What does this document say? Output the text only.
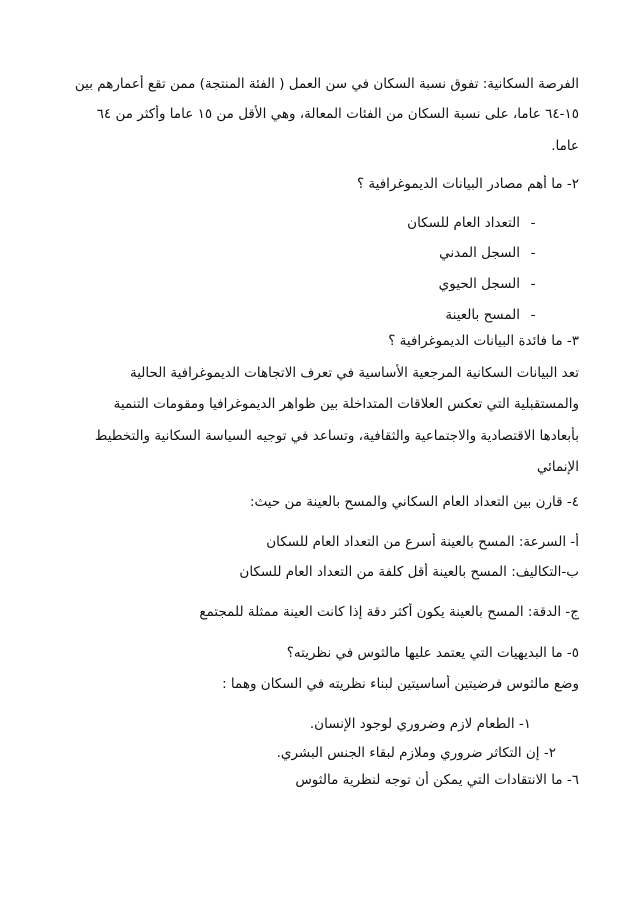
الفرصة السكانية: تفوق نسبة السكان في سن العمل ( الفئة المنتجة) ممن تقع أعمارهم بين
١٥-٦٤ عاما، على نسبة السكان من الفئات المعالة، وهي الأقل من ١٥ عاما وأكثر من ٦٤
عاما.
٢- ما أهم مصادر البيانات الديموغرافية ؟
-التعداد العام للسكان
-السجل المدني
-السجل الحيوي
-المسح بالعينة
٣- ما فائدة البيانات الديموغرافية ؟
تعد البيانات السكانية المرجعية الأساسية في تعرف الاتجاهات الديموغرافية الحالية
والمستقبلية التي تعكس العلاقات المتداخلة بين ظواهر الديموغرافيا ومقومات التنمية
بأبعادها الاقتصادية والاجتماعية والثقافية، وتساعد في توجيه السياسة السكانية والتخطيط
الإنمائي
٤- قارن بين التعداد العام السكاني والمسح بالعينة من حيث:
أ- السرعة: المسح بالعينة أسرع من التعداد العام للسكان
ب-التكاليف: المسح بالعينة أقل كلفة من التعداد العام للسكان
ج- الدقة: المسح بالعينة يكون أكثر دقة إذا كانت العينة ممثلة للمجتمع
٥- ما البديهيات التي يعتمد عليها مالثوس في نظريته؟
وضع مالثوس فرضيتين أساسيتين لبناء نظريته في السكان وهما :
١- الطعام لازم وضروري لوجود الإنسان.
٢- إن التكاثر ضروري وملازم لبقاء الجنس البشري.
٦- ما الانتقادات التي يمكن أن توجه لنظرية مالثوس
